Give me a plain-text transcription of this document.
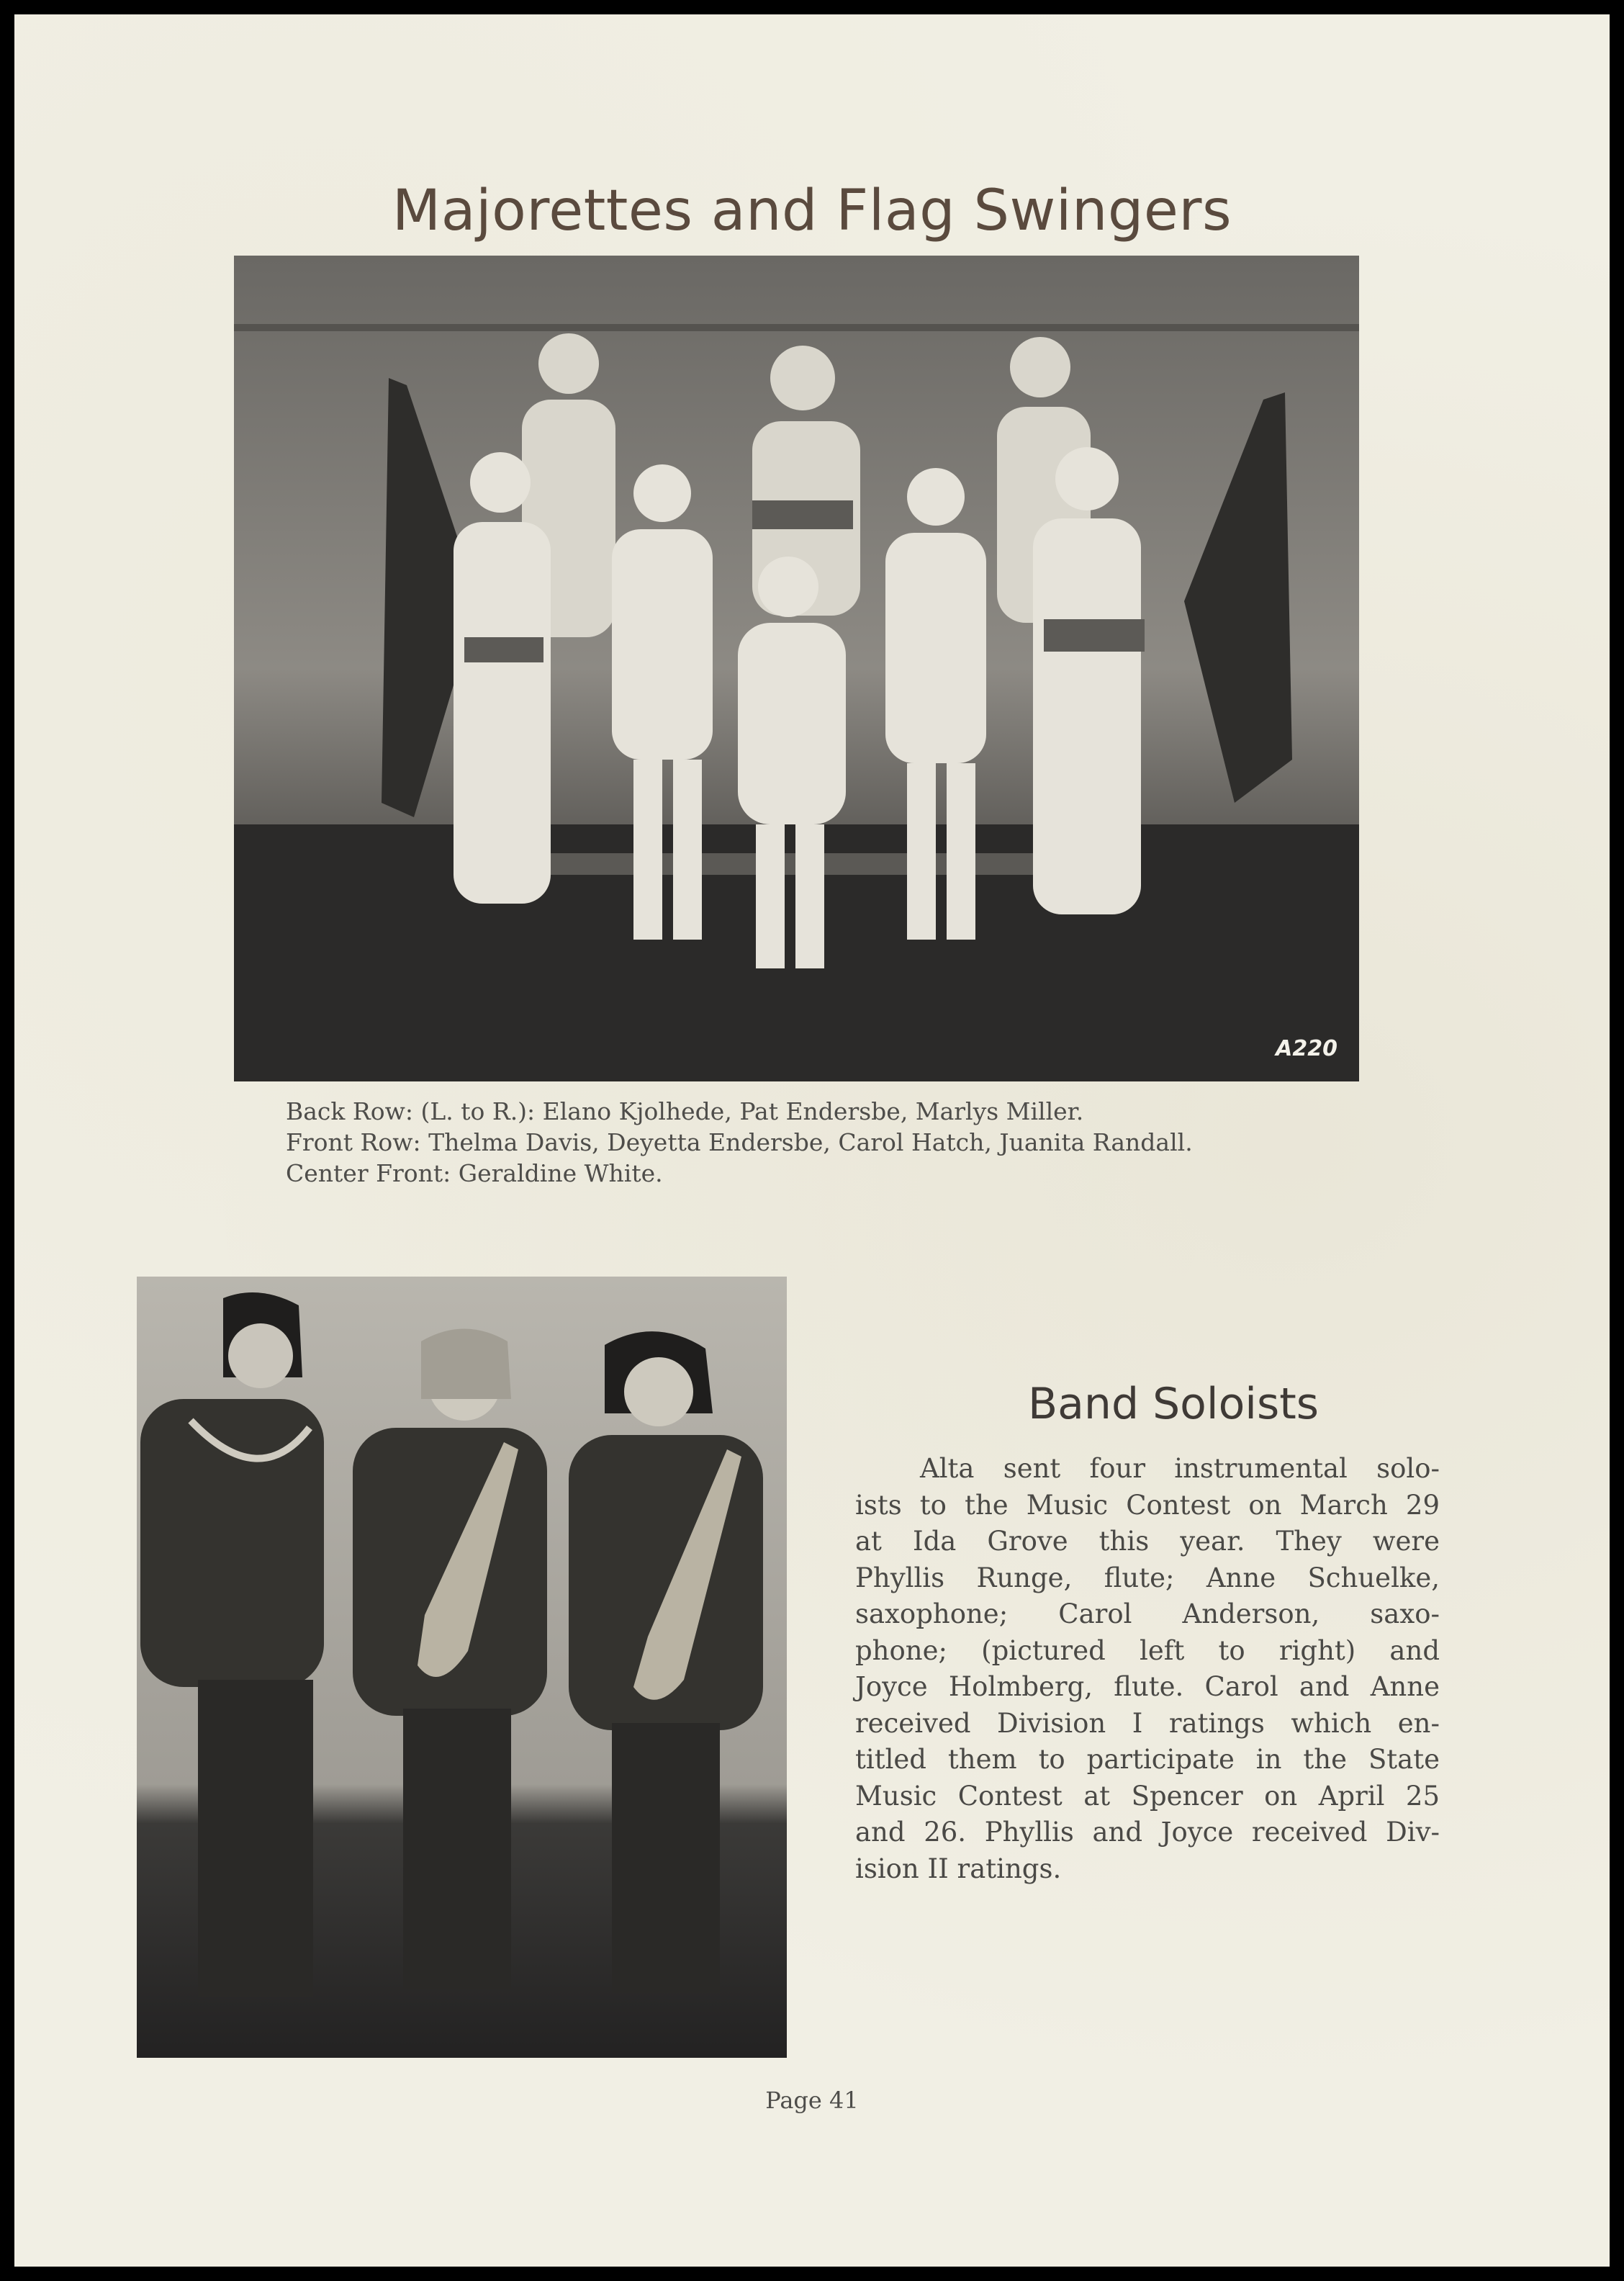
Majorettes and Flag Swingers
A220
Back Row: (L. to R.): Elano Kjolhede, Pat Endersbe, Marlys Miller.
Front Row: Thelma Davis, Deyetta Endersbe, Carol Hatch, Juanita Randall.
Center Front: Geraldine White.
Band Soloists
Alta sent four instrumental solo-
ists to the Music Contest on March 29
at Ida Grove this year. They were
Phyllis Runge, flute; Anne Schuelke,
saxophone; Carol Anderson, saxo-
phone; (pictured left to right) and
Joyce Holmberg, flute. Carol and Anne
received Division I ratings which en-
titled them to participate in the State
Music Contest at Spencer on April 25
and 26. Phyllis and Joyce received Div-
ision II ratings.
Page 41
